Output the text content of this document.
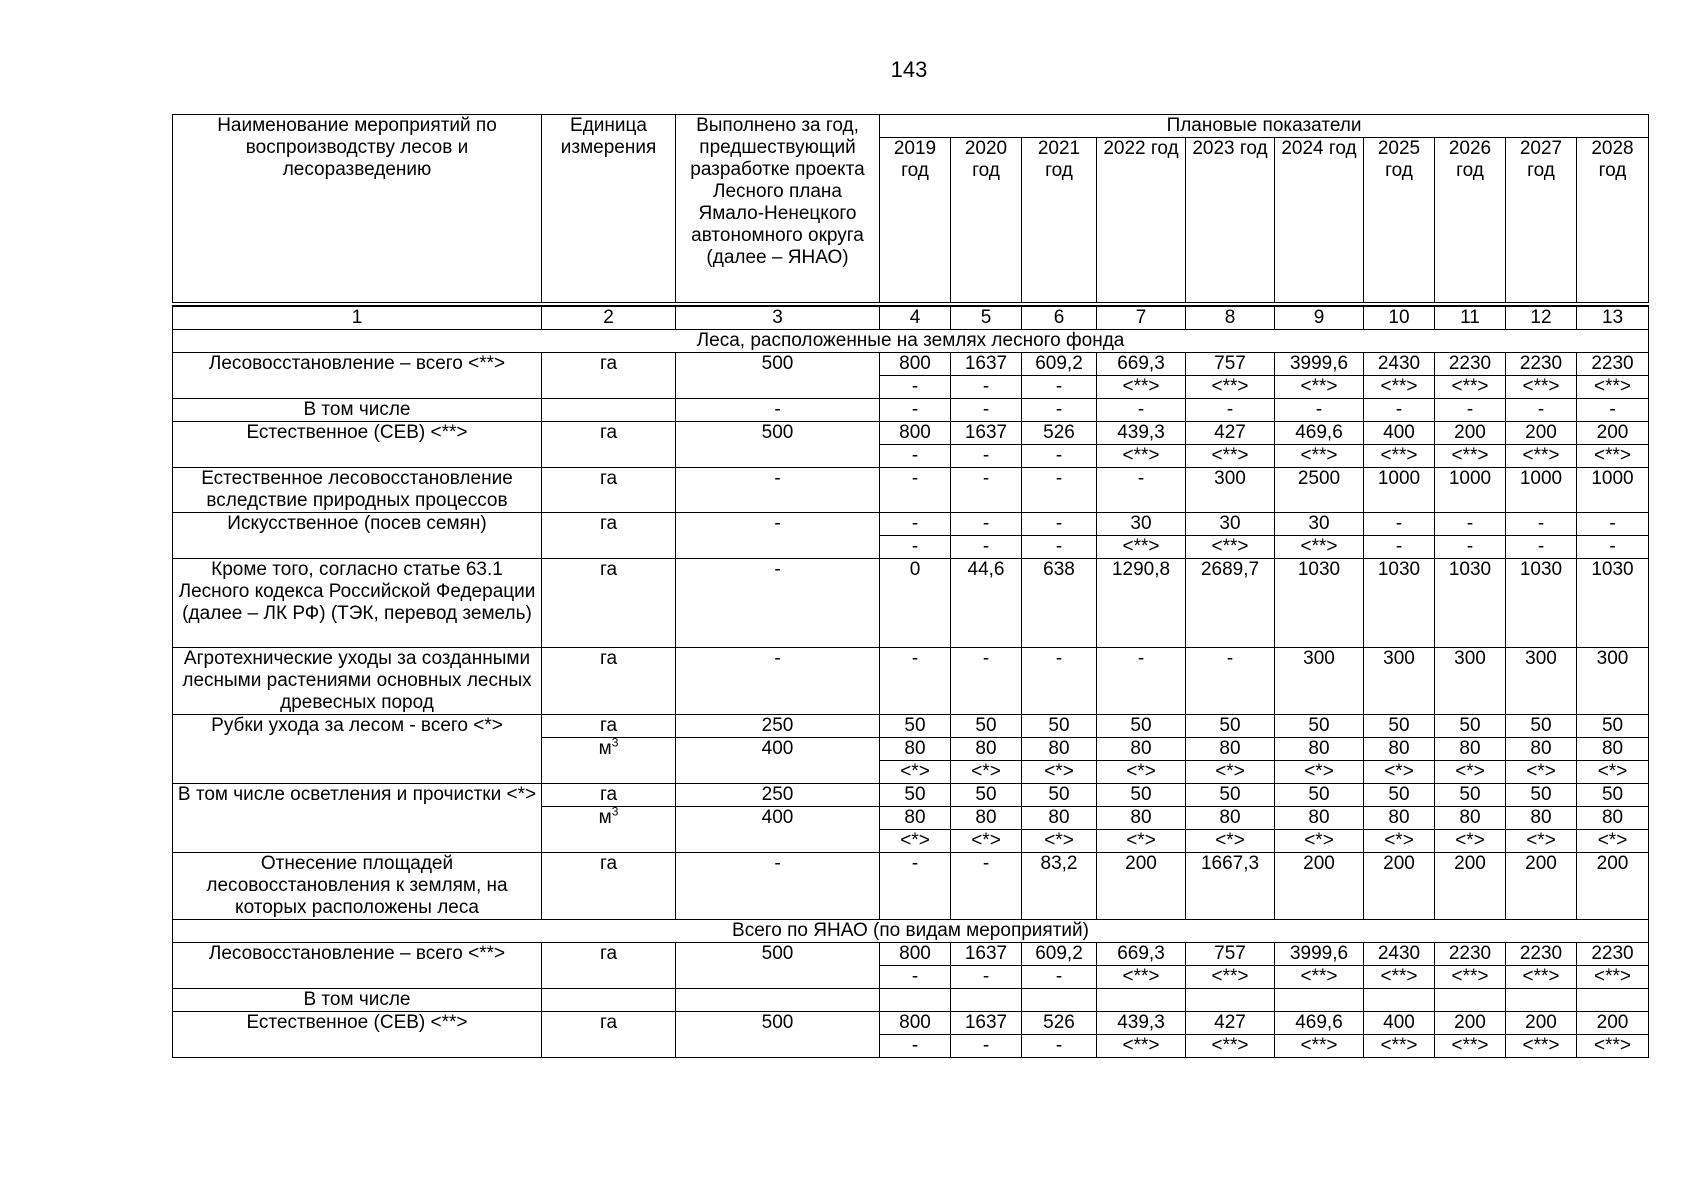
143
Наименование мероприятий по воспроизводству лесов и лесоразведению	Единица измерения	Выполнено за год, предшествующий разработке проекта Лесного плана Ямало-Ненецкого автономного округа (далее – ЯНАО)	Плановые показатели									
			2019 год	2020 год	2021 год	2022 год	2023 год	2024 год	2025 год	2026 год	2027 год	2028 год

1	2	3	4	5	6	7	8	9	10	11	12	13
Леса, расположенные на землях лесного фонда												
Лесовосстановление – всего <**>	га	500	800	1637	609,2	669,3	757	3999,6	2430	2230	2230	2230
			-	-	-	<**>	<**>	<**>	<**>	<**>	<**>	<**>
В том числе		-	-	-	-	-	-	-	-	-	-	-
Естественное (СЕВ) <**>	га	500	800	1637	526	439,3	427	469,6	400	200	200	200
			-	-	-	<**>	<**>	<**>	<**>	<**>	<**>	<**>
Естественное лесовосстановление вследствие природных процессов	га	-	-	-	-	-	300	2500	1000	1000	1000	1000
Искусственное (посев семян)	га	-	-	-	-	30	30	30	-	-	-	-
			-	-	-	<**>	<**>	<**>	-	-	-	-
Кроме того, согласно статье 63.1 Лесного кодекса Российской Федерации (далее – ЛК РФ) (ТЭК, перевод земель)	га	-	0	44,6	638	1290,8	2689,7	1030	1030	1030	1030	1030
Агротехнические уходы за созданными лесными растениями основных лесных древесных пород	га	-	-	-	-	-	-	300	300	300	300	300
Рубки ухода за лесом - всего <*>	га	250	50	50	50	50	50	50	50	50	50	50
	$м^3$	400	80	80	80	80	80	80	80	80	80	80
			<*>	<*>	<*>	<*>	<*>	<*>	<*>	<*>	<*>	<*>
В том числе осветления и прочистки <*>	га	250	50	50	50	50	50	50	50	50	50	50
	$м^3$	400	80	80	80	80	80	80	80	80	80	80
			<*>	<*>	<*>	<*>	<*>	<*>	<*>	<*>	<*>	<*>
Отнесение площадей лесовосстановления к землям, на которых расположены леса	га	-	-	-	83,2	200	1667,3	200	200	200	200	200
Всего по ЯНАО (по видам мероприятий)												
Лесовосстановление – всего <**>	га	500	800	1637	609,2	669,3	757	3999,6	2430	2230	2230	2230
			-	-	-	<**>	<**>	<**>	<**>	<**>	<**>	<**>
В том числе												
Естественное (СЕВ) <**>	га	500	800	1637	526	439,3	427	469,6	400	200	200	200
			-	-	-	<**>	<**>	<**>	<**>	<**>	<**>	<**>
